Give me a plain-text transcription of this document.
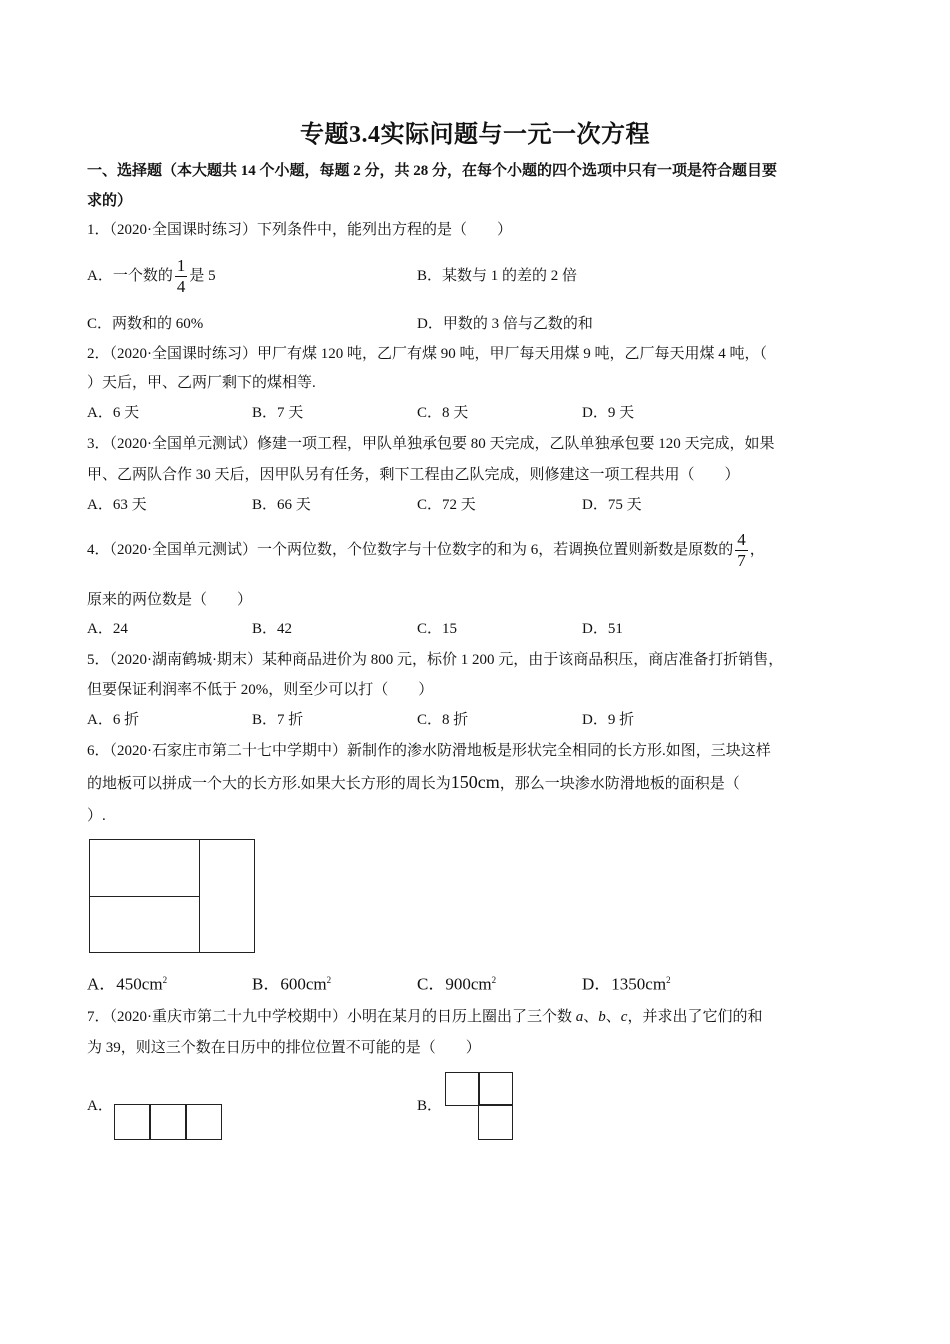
专题3.4实际问题与一元一次方程
一、选择题（本大题共 14 个小题，每题 2 分，共 28 分，在每个小题的四个选项中只有一项是符合题目要
求的）
1．（2020·全国课时练习）下列条件中，能列出方程的是（　　）
A．一个数的 $\frac{1}{4}$ 是 5	B．某数与 1 的差的 2 倍
C．两数和的 60%	D．甲数的 3 倍与乙数的和
2．（2020·全国课时练习）甲厂有煤 120 吨，乙厂有煤 90 吨，甲厂每天用煤 9 吨，乙厂每天用煤 4 吨，（
）天后，甲、乙两厂剩下的煤相等.
A．6 天	B．7 天	C．8 天	D．9 天
3．（2020·全国单元测试）修建一项工程，甲队单独承包要 80 天完成，乙队单独承包要 120 天完成，如果
甲、乙两队合作 30 天后，因甲队另有任务，剩下工程由乙队完成，则修建这一项工程共用（　　）
A．63 天	B．66 天	C．72 天	D．75 天
4．（2020·全国单元测试）一个两位数，个位数字与十位数字的和为 6，若调换位置则新数是原数的 $\frac{4}{7}$ ，
原来的两位数是（　　）
A．24	B．42	C．15	D．51
5．（2020·湖南鹤城·期末）某种商品进价为 800 元，标价 1 200 元，由于该商品积压，商店准备打折销售，
但要保证利润率不低于 20%，则至少可以打（　　）
A．6 折	B．7 折	C．8 折	D．9 折
6．（2020·石家庄市第二十七中学期中）新制作的渗水防滑地板是形状完全相同的长方形.如图，三块这样
的地板可以拼成一个大的长方形.如果大长方形的周长为150cm，那么一块渗水防滑地板的面积是（
）.
A．$450cm^2$	B．$600cm^2$	C．$900cm^2$	D．$1350cm^2$
7．（2020·重庆市第二十九中学校期中）小明在某月的日历上圈出了三个数 a、b、c，并求出了它们的和
为 39，则这三个数在日历中的排位位置不可能的是（　　）
A．	B．
